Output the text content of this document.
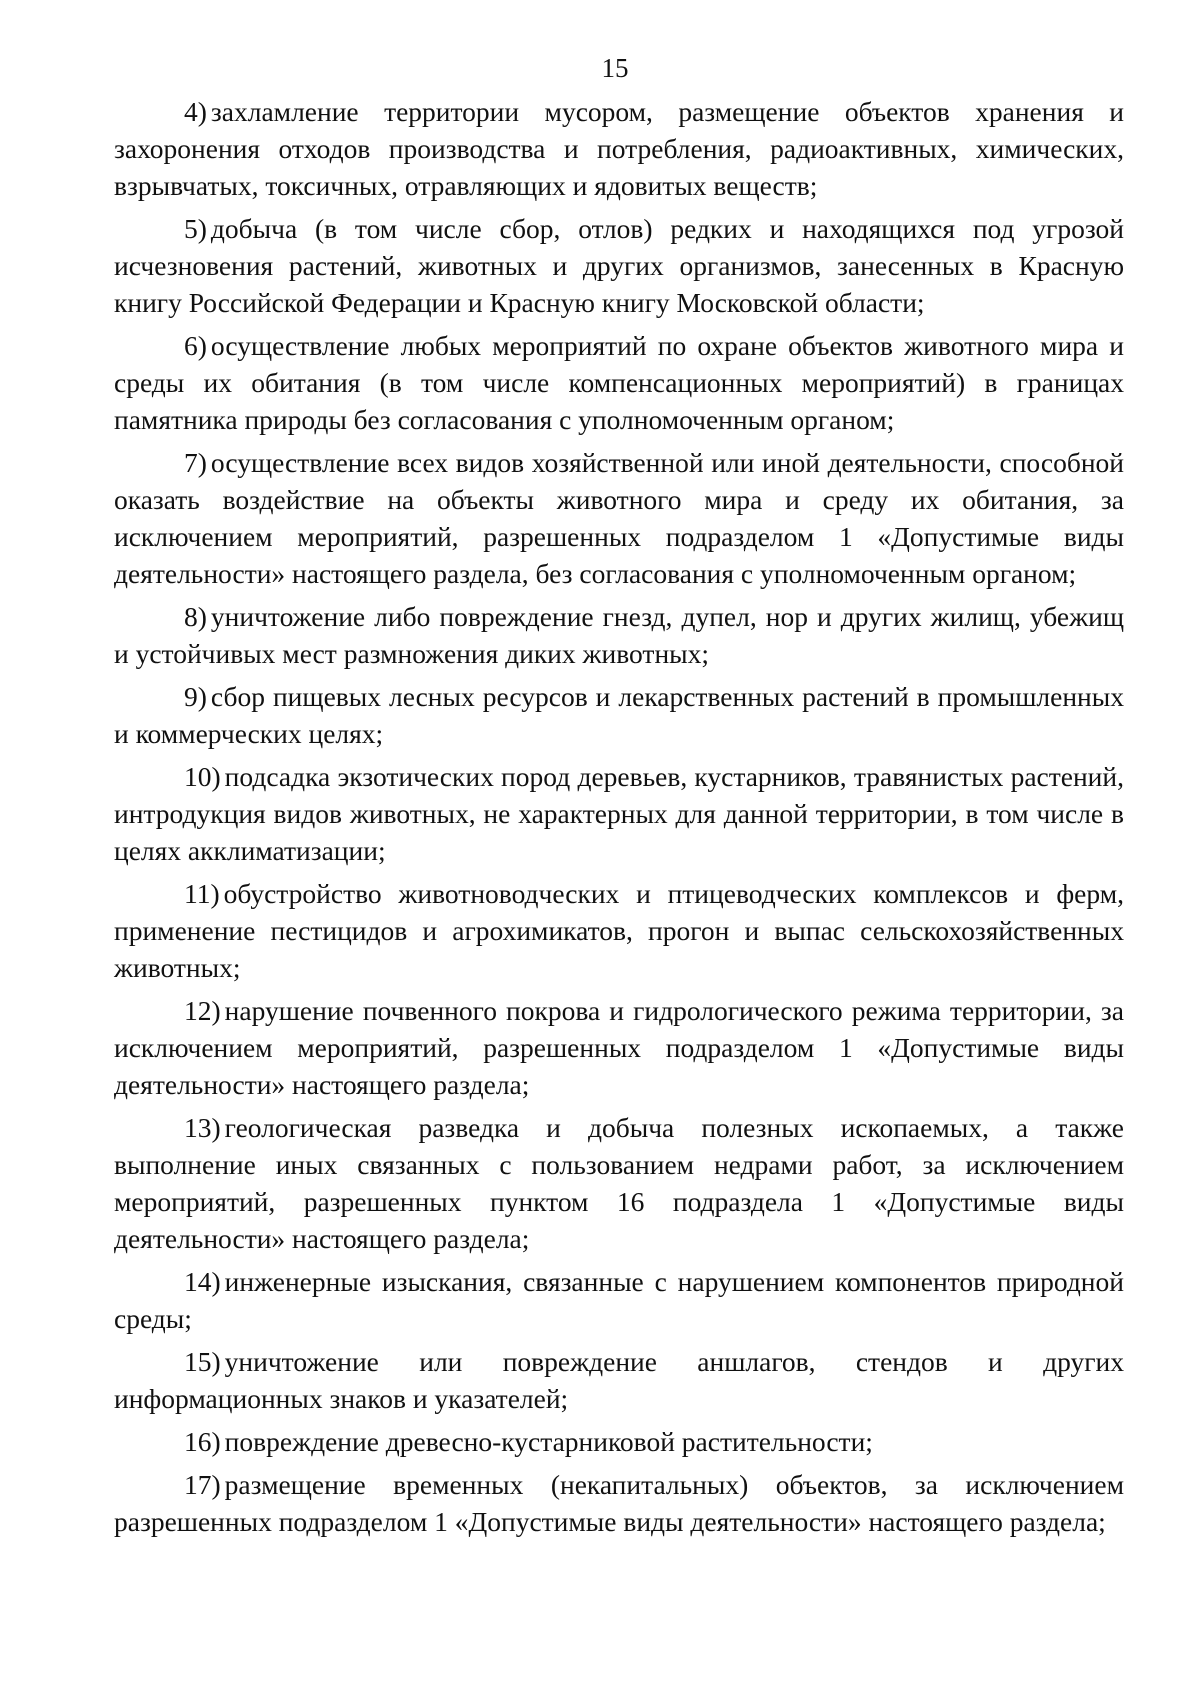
15

4) захламление территории мусором, размещение объектов хранения и захоронения отходов производства и потребления, радиоактивных, химических, взрывчатых, токсичных, отравляющих и ядовитых веществ;

5) добыча (в том числе сбор, отлов) редких и находящихся под угрозой исчезновения растений, животных и других организмов, занесенных в Красную книгу Российской Федерации и Красную книгу Московской области;

6) осуществление любых мероприятий по охране объектов животного мира и среды их обитания (в том числе компенсационных мероприятий) в границах памятника природы без согласования с уполномоченным органом;

7) осуществление всех видов хозяйственной или иной деятельности, способной оказать воздействие на объекты животного мира и среду их обитания, за исключением мероприятий, разрешенных подразделом 1 «Допустимые виды деятельности» настоящего раздела, без согласования с уполномоченным органом;

8) уничтожение либо повреждение гнезд, дупел, нор и других жилищ, убежищ и устойчивых мест размножения диких животных;

9) сбор пищевых лесных ресурсов и лекарственных растений в промышленных и коммерческих целях;

10) подсадка экзотических пород деревьев, кустарников, травянистых растений, интродукция видов животных, не характерных для данной территории, в том числе в целях акклиматизации;

11) обустройство животноводческих и птицеводческих комплексов и ферм, применение пестицидов и агрохимикатов, прогон и выпас сельскохозяйственных животных;

12) нарушение почвенного покрова и гидрологического режима территории, за исключением мероприятий, разрешенных подразделом 1 «Допустимые виды деятельности» настоящего раздела;

13) геологическая разведка и добыча полезных ископаемых, а также выполнение иных связанных с пользованием недрами работ, за исключением мероприятий, разрешенных пунктом 16 подраздела 1 «Допустимые виды деятельности» настоящего раздела;

14) инженерные изыскания, связанные с нарушением компонентов природной среды;

15) уничтожение или повреждение аншлагов, стендов и других информационных знаков и указателей;

16) повреждение древесно-кустарниковой растительности;

17) размещение временных (некапитальных) объектов, за исключением разрешенных подразделом 1 «Допустимые виды деятельности» настоящего раздела;
